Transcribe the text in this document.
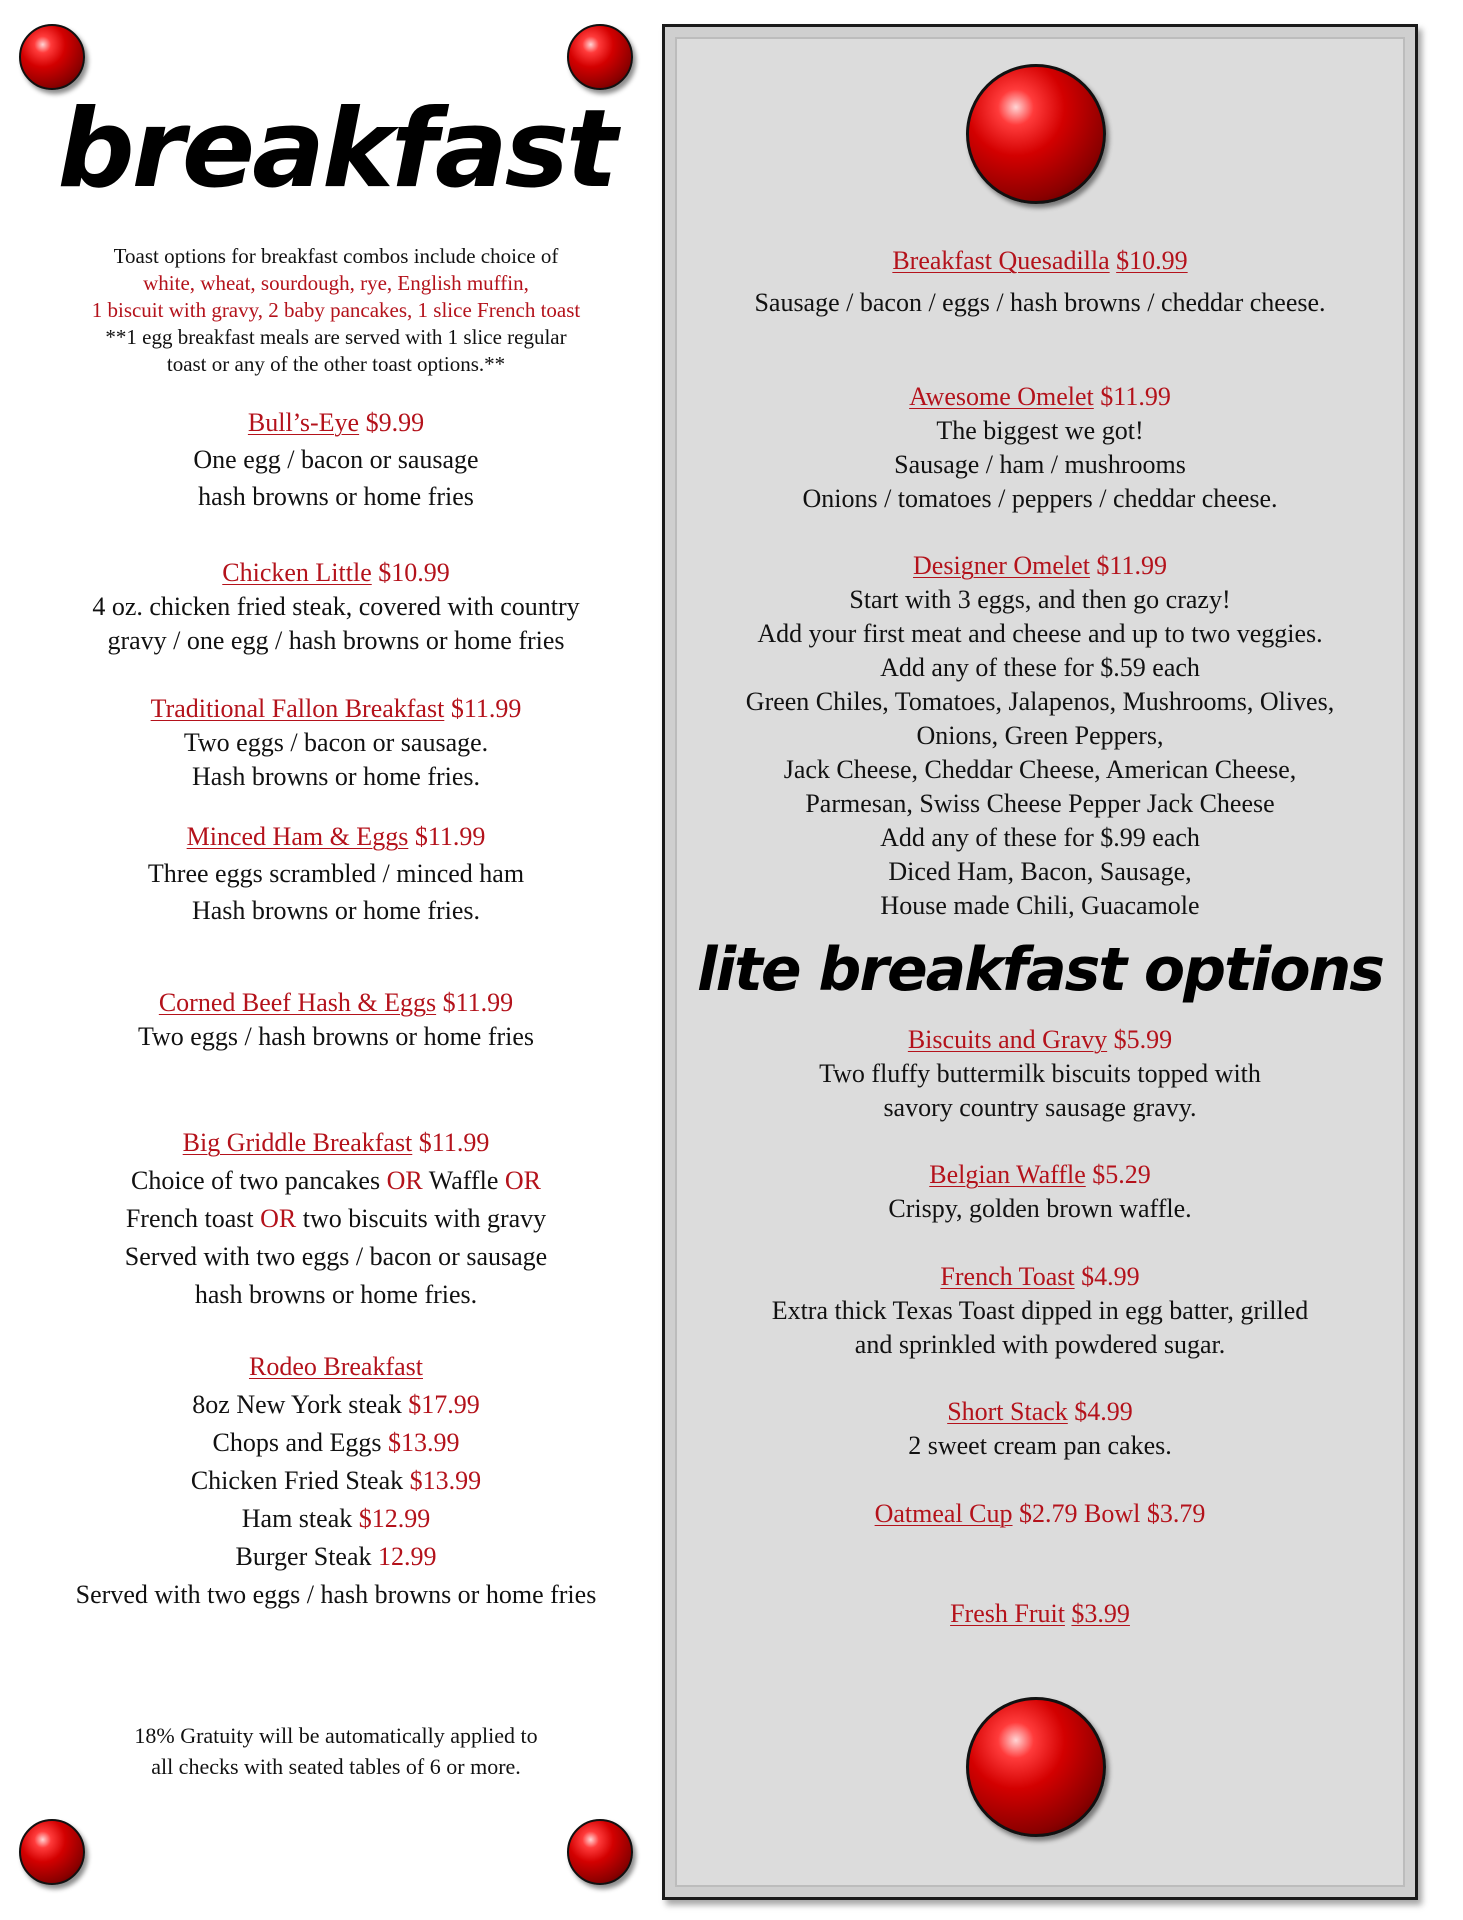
breakfast
Toast options for breakfast combos include choice of
white, wheat, sourdough, rye, English muffin,
1 biscuit with gravy, 2 baby pancakes, 1 slice French toast
**1 egg breakfast meals are served with 1 slice regular
toast or any of the other toast options.**
Bull’s-Eye $9.99
One egg / bacon or sausage
hash browns or home fries
Chicken Little $10.99
4 oz. chicken fried steak, covered with country
gravy / one egg / hash browns or home fries
Traditional Fallon Breakfast $11.99
Two eggs / bacon or sausage.
Hash browns or home fries.
Minced Ham & Eggs $11.99
Three eggs scrambled / minced ham
Hash browns or home fries.
Corned Beef Hash & Eggs $11.99
Two eggs / hash browns or home fries
Big Griddle Breakfast $11.99
Choice of two pancakes OR Waffle OR
French toast OR two biscuits with gravy
Served with two eggs / bacon or sausage
hash browns or home fries.
Rodeo Breakfast
8oz New York steak $17.99
Chops and Eggs $13.99
Chicken Fried Steak $13.99
Ham steak $12.99
Burger Steak 12.99
Served with two eggs / hash browns or home fries
18% Gratuity will be automatically applied to
all checks with seated tables of 6 or more.
Breakfast Quesadilla $10.99
Sausage / bacon / eggs / hash browns / cheddar cheese.
Awesome Omelet $11.99
The biggest we got!
Sausage / ham / mushrooms
Onions / tomatoes / peppers / cheddar cheese.
Designer Omelet $11.99
Start with 3 eggs, and then go crazy!
Add your first meat and cheese and up to two veggies.
Add any of these for $.59 each
Green Chiles, Tomatoes, Jalapenos, Mushrooms, Olives,
Onions, Green Peppers,
Jack Cheese, Cheddar Cheese, American Cheese,
Parmesan, Swiss Cheese Pepper Jack Cheese
Add any of these for $.99 each
Diced Ham, Bacon, Sausage,
House made Chili, Guacamole
lite breakfast options
Biscuits and Gravy $5.99
Two fluffy buttermilk biscuits topped with
savory country sausage gravy.
Belgian Waffle $5.29
Crispy, golden brown waffle.
French Toast $4.99
Extra thick Texas Toast dipped in egg batter, grilled
and sprinkled with powdered sugar.
Short Stack $4.99
2 sweet cream pan cakes.
Oatmeal Cup $2.79 Bowl $3.79
Fresh Fruit $3.99
